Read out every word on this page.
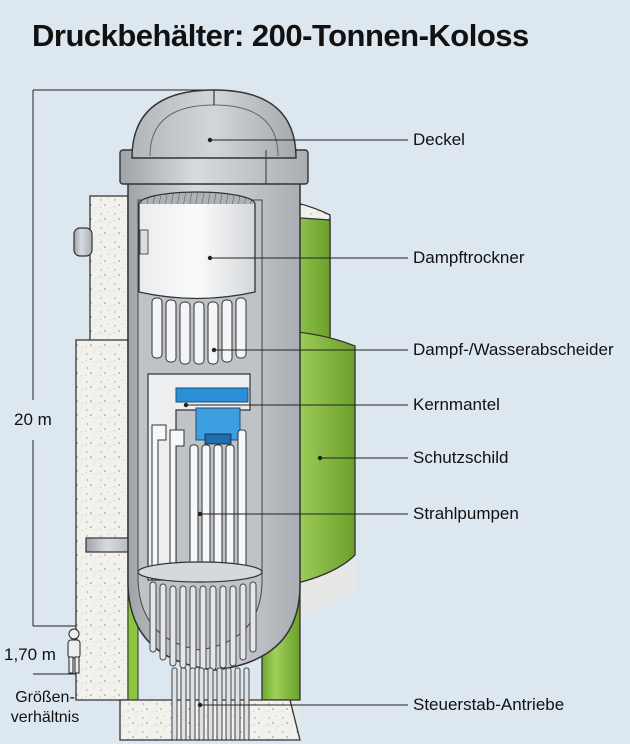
Druckbehälter: 200-Tonnen-Koloss
Deckel
Dampftrockner
Dampf-/Wasserabscheider
Kernmantel
Schutzschild
Strahlpumpen
Steuerstab-Antriebe
20 m
1,70 m
Größen-
verhältnis
